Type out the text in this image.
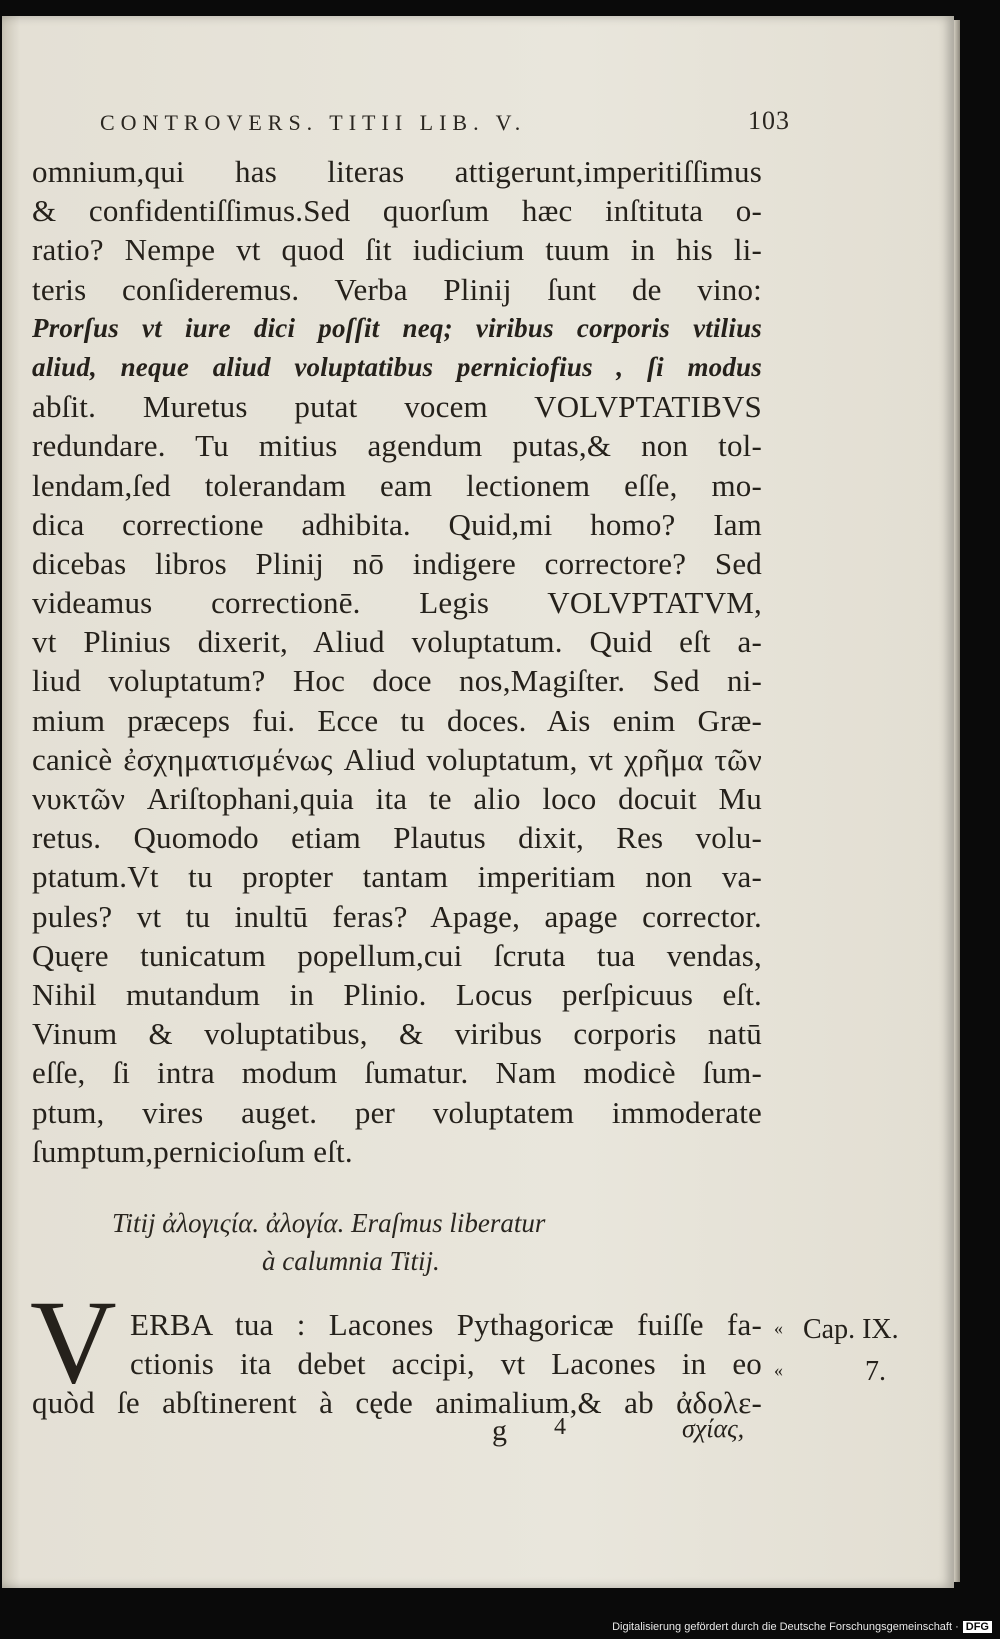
CONTROVERS. TITII LIB. V.	103
omnium,qui has literas attigerunt,imperitiſſimus
& confidentiſſimus.Sed quorſum hæc inſtituta o-
ratio? Nempe vt quod ſit iudicium tuum in his li-
teris conſideremus. Verba Plinij ſunt de vino:
Prorſus vt iure dici poſſit neq; viribus corporis vtilius
aliud, neque aliud voluptatibus perniciofius , ſi modus
abſit. Muretus putat vocem VOLVPTATIBVS
redundare. Tu mitius agendum putas,& non tol-
lendam,ſed tolerandam eam lectionem eſſe, mo-
dica correctione adhibita. Quid,mi homo? Iam
dicebas libros Plinij nō indigere correctore? Sed
videamus correctionē. Legis VOLVPTATVM,
vt Plinius dixerit, Aliud voluptatum. Quid eſt a-
liud voluptatum? Hoc doce nos,Magiſter. Sed ni-
mium præceps fui. Ecce tu doces. Ais enim Græ-
canicè ἐσχηματισμένως Aliud voluptatum, vt χρῆμα τῶν
νυκτῶν Ariſtophani,quia ita te alio loco docuit Mu
retus. Quomodo etiam Plautus dixit, Res volu-
ptatum.Vt tu propter tantam imperitiam non va-
pules? vt tu inultū feras? Apage, apage corrector.
Quęre tunicatum popellum,cui ſcruta tua vendas,
Nihil mutandum in Plinio. Locus perſpicuus eſt.
Vinum & voluptatibus, & viribus corporis natū
eſſe, ſi intra modum ſumatur. Nam modicè ſum-
ptum, vires auget. per voluptatem immoderate
ſumptum,pernicioſum eſt.
Titij ἀλογιςία. ἀλογία. Eraſmus liberatur
à calumnia Titij.
V ERBA tua : Lacones Pythagoricæ fuiſſe fa-
ctionis ita debet accipi, vt Lacones in eo
quòd ſe abſtinerent à cęde animalium,& ab ἀδολε-
« Cap. IX.
«	7.
g 4	σχίας,
Digitalisierung gefördert durch die Deutsche Forschungsgemeinschaft · DFG
